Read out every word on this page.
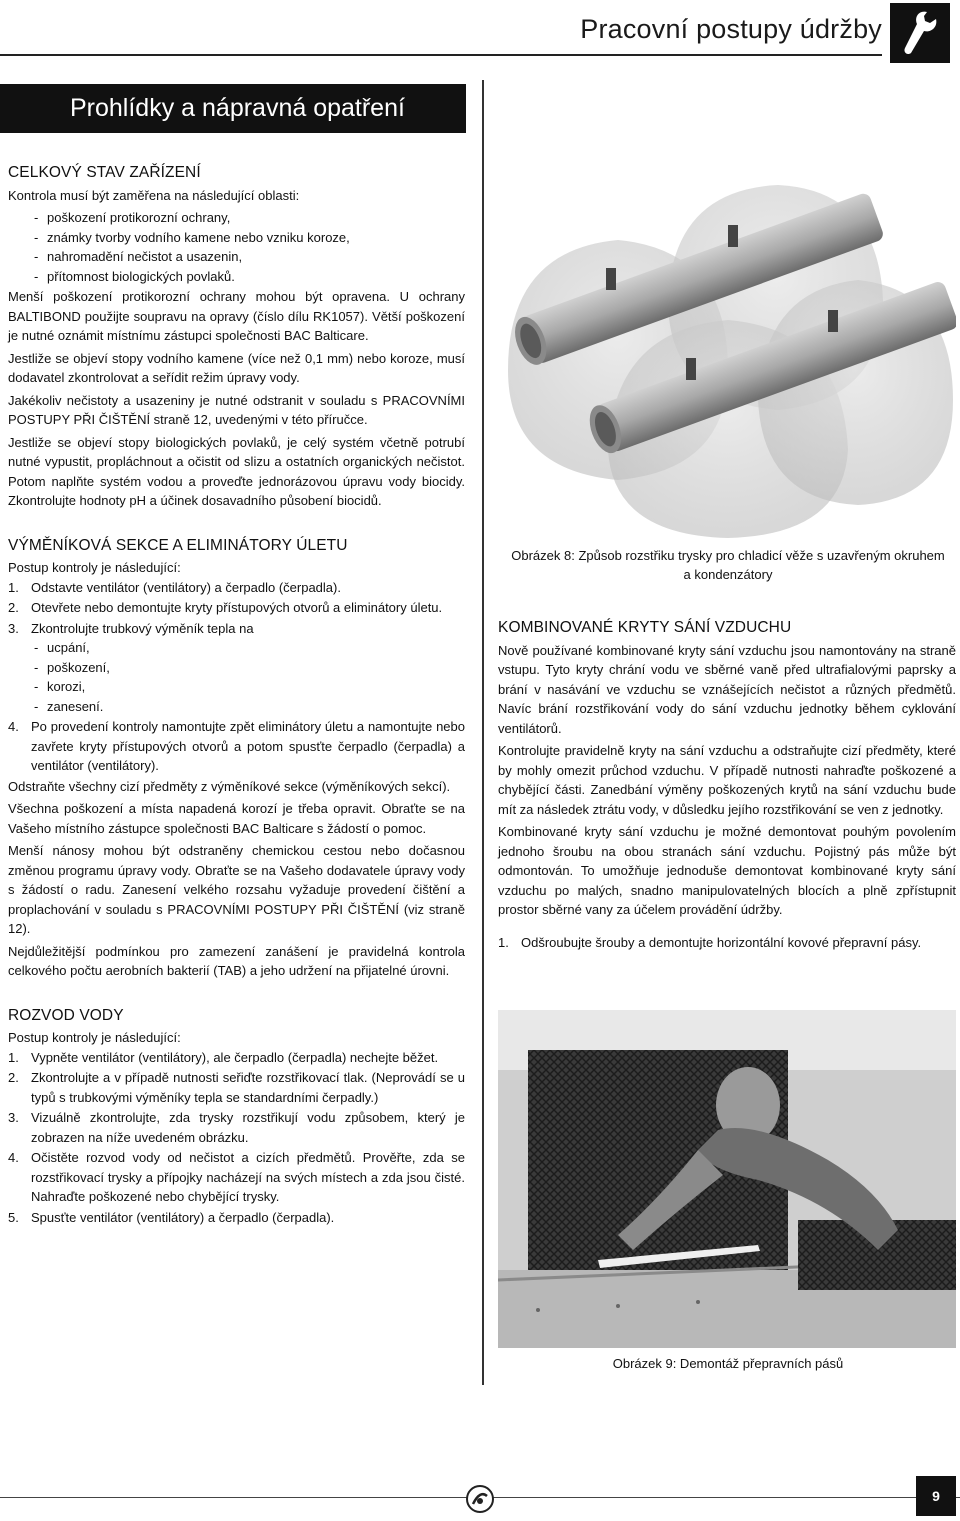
Pracovní postupy údržby
Prohlídky a nápravná opatření
CELKOVÝ STAV ZAŘÍZENÍ

Kontrola musí být zaměřena na následující oblasti:

- poškození protikorozní ochrany,
- známky tvorby vodního kamene nebo vzniku koroze,
- nahromadění nečistot a usazenin,
- přítomnost biologických povlaků.

Menší poškození protikorozní ochrany mohou být opravena. U ochrany BALTIBOND použijte soupravu na opravy (číslo dílu RK1057). Větší poškození je nutné oznámit místnímu zástupci společnosti BAC Balticare.

Jestliže se objeví stopy vodního kamene (více než 0,1 mm) nebo koroze, musí dodavatel zkontrolovat a seřídit režim úpravy vody.

Jakékoliv nečistoty a usazeniny je nutné odstranit v souladu s PRACOVNÍMI POSTUPY PŘI ČIŠTĚNÍ straně 12, uvedenými v této příručce.

Jestliže se objeví stopy biologických povlaků, je celý systém včetně potrubí nutné vypustit, propláchnout a očistit od slizu a ostatních organických nečistot. Potom naplňte systém vodou a proveďte jednorázovou úpravu vody biocidy. Zkontrolujte hodnoty pH a účinek dosavadního působení biocidů.

VÝMĚNÍKOVÁ SEKCE A ELIMINÁTORY ÚLETU

Postup kontroly je následující:

1. Odstavte ventilátor (ventilátory) a čerpadlo (čerpadla).
2. Otevřete nebo demontujte kryty přístupových otvorů a eliminátory úletu.
3. Zkontrolujte trubkový výměník tepla na
- ucpání,
- poškození,
- korozi,
- zanesení.
4. Po provedení kontroly namontujte zpět eliminátory úletu a namontujte nebo zavřete kryty přístupových otvorů a potom spusťte čerpadlo (čerpadla) a ventilátor (ventilátory).

Odstraňte všechny cizí předměty z výměníkové sekce (výměníkových sekcí).

Všechna poškození a místa napadená korozí je třeba opravit. Obraťte se na Vašeho místního zástupce společnosti BAC Balticare s žádostí o pomoc.

Menší nánosy mohou být odstraněny chemickou cestou nebo dočasnou změnou programu úpravy vody. Obraťte se na Vašeho dodavatele úpravy vody s žádostí o radu. Zanesení velkého rozsahu vyžaduje provedení čištění a proplachování v souladu s PRACOVNÍMI POSTUPY PŘI ČIŠTĚNÍ (viz straně 12).

Nejdůležitější podmínkou pro zamezení zanášení je pravidelná kontrola celkového počtu aerobních bakterií (TAB) a jeho udržení na přijatelné úrovni.

ROZVOD VODY

Postup kontroly je následující:

1. Vypněte ventilátor (ventilátory), ale čerpadlo (čerpadla) nechejte běžet.
2. Zkontrolujte a v případě nutnosti seřiďte rozstřikovací tlak. (Neprovádí se u typů s trubkovými výměníky tepla se standardními čerpadly.)
3. Vizuálně zkontrolujte, zda trysky rozstřikují vodu způsobem, který je zobrazen na níže uvedeném obrázku.
4. Očistěte rozvod vody od nečistot a cizích předmětů. Prověřte, zda se rozstřikovací trysky a přípojky nacházejí na svých místech a zda jsou čisté. Nahraďte poškozené nebo chybějící trysky.
5. Spusťte ventilátor (ventilátory) a čerpadlo (čerpadla).
Obrázek 8: Způsob rozstřiku trysky pro chladicí věže s uzavřeným okruhem a kondenzátory
KOMBINOVANÉ KRYTY SÁNÍ VZDUCHU

Nově používané kombinované kryty sání vzduchu jsou namontovány na straně vstupu. Tyto kryty chrání vodu ve sběrné vaně před ultrafialovými paprsky a brání v nasávání ve vzduchu se vznášejících nečistot a různých předmětů. Navíc brání rozstřikování vody do sání vzduchu jednotky během cyklování ventilátorů.

Kontrolujte pravidelně kryty na sání vzduchu a odstraňujte cizí předměty, které by mohly omezit průchod vzduchu. V případě nutnosti nahraďte poškozené a chybějící části. Zanedbání výměny poškozených krytů na sání vzduchu bude mít za následek ztrátu vody, v důsledku jejího rozstřikování se ven z jednotky.

Kombinované kryty sání vzduchu je možné demontovat pouhým povolením jednoho šroubu na obou stranách sání vzduchu. Pojistný pás může být odmontován. To umožňuje jednoduše demontovat kombinované kryty sání vzduchu po malých, snadno manipulovatelných blocích a plně zpřístupnit prostor sběrné vany za účelem provádění údržby.

1. Odšroubujte šrouby a demontujte horizontální kovové přepravní pásy.
Obrázek 9: Demontáž přepravních pásů
9
